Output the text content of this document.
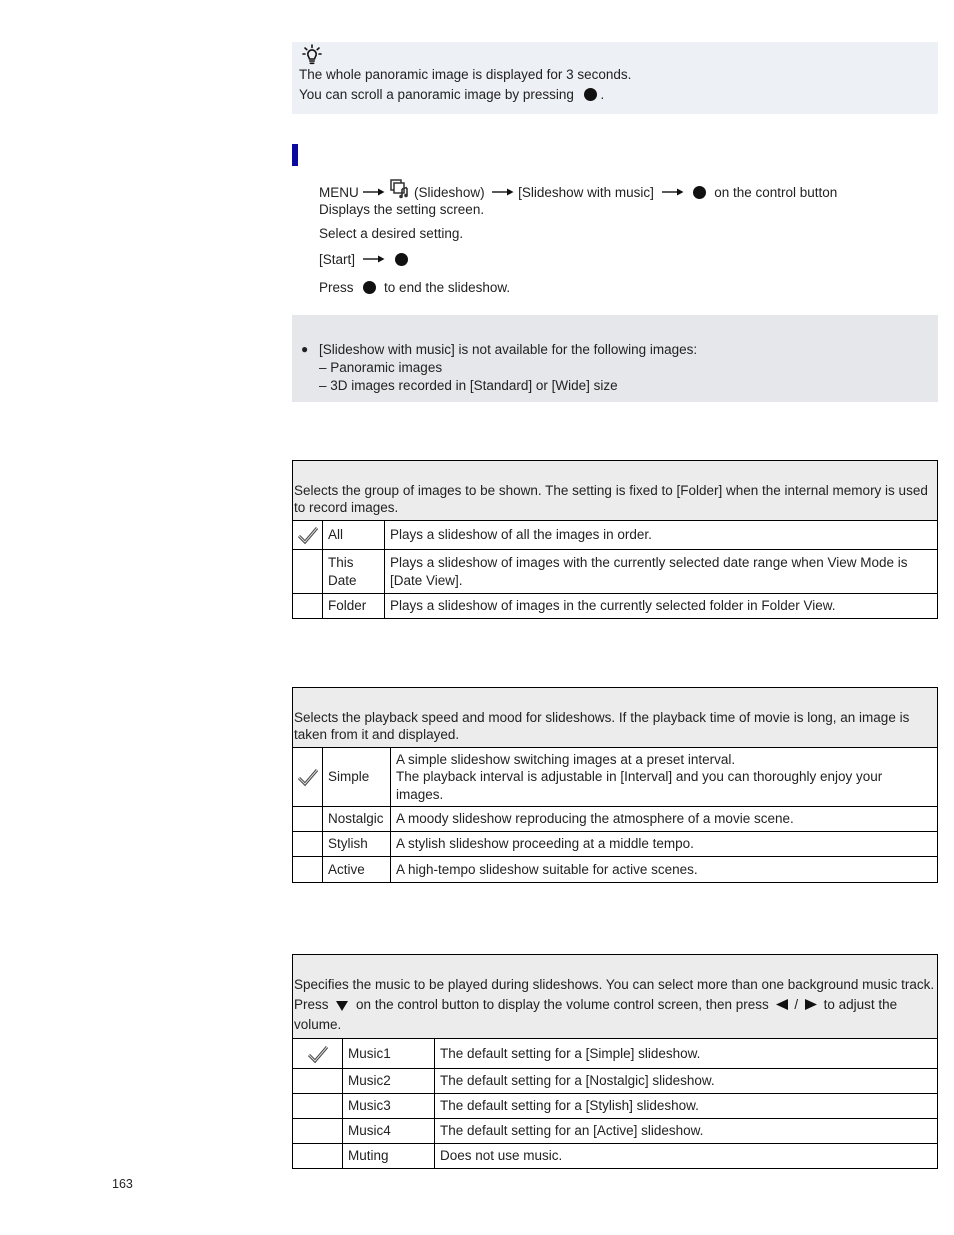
The whole panoramic image is displayed for 3 seconds.
You can scroll a panoramic image by pressing .
MENU	(Slideshow) [Slideshow with music]	on the control button
Displays the setting screen.
Select a desired setting.
[Start]
Press to end the slideshow.
● [Slideshow with music] is not available for the following images:
– Panoramic images
– 3D images recorded in [Standard] or [Wide] size
Selects the group of images to be shown. The setting is fixed to [Folder] when the internal memory is used to record images.		
	All	Plays a slideshow of all the images in order.
	This Date	Plays a slideshow of images with the currently selected date range when View Mode is [Date View].
	Folder	Plays a slideshow of images in the currently selected folder in Folder View.
Selects the playback speed and mood for slideshows. If the playback time of movie is long, an image is taken from it and displayed.		
	Simple	A simple slideshow switching images at a preset interval.
The playback interval is adjustable in [Interval] and you can thoroughly enjoy your images.

	Nostalgic	A moody slideshow reproducing the atmosphere of a movie scene.
	Stylish	A stylish slideshow proceeding at a middle tempo.
	Active	A high-tempo slideshow suitable for active scenes.
Specifies the music to be played during slideshows. You can select more than one background music track. Press on the control button to display the volume control screen, then press / to adjust the volume.		
	Music1	The default setting for a [Simple] slideshow.
	Music2	The default setting for a [Nostalgic] slideshow.
	Music3	The default setting for a [Stylish] slideshow.
	Music4	The default setting for an [Active] slideshow.
	Muting	Does not use music.
163
